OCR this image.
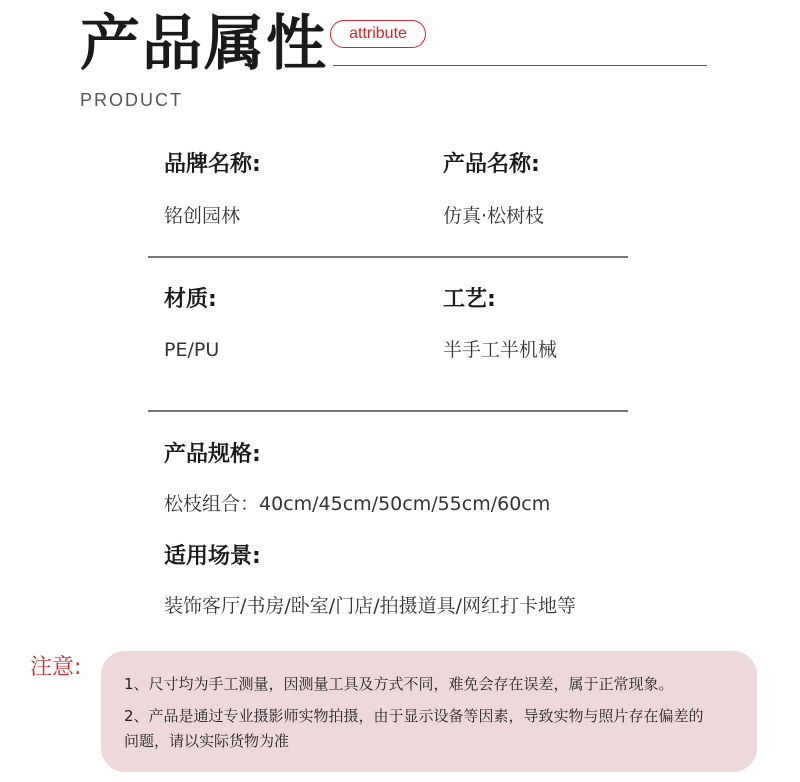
产品属性	attribute
PRODUCT
品牌名称:
铭创园林
产品名称:
仿真·松树枝
材质:
PE/PU
工艺:
半手工半机械
产品规格:
松枝组合：40cm/45cm/50cm/55cm/60cm
适用场景:
装饰客厅/书房/卧室/门店/拍摄道具/网红打卡地等
注意:
1、尺寸均为手工测量，因测量工具及方式不同，难免会存在误差，属于正常现象。
2、产品是通过专业摄影师实物拍摄，由于显示设备等因素，导致实物与照片存在偏差的
问题，请以实际货物为准
